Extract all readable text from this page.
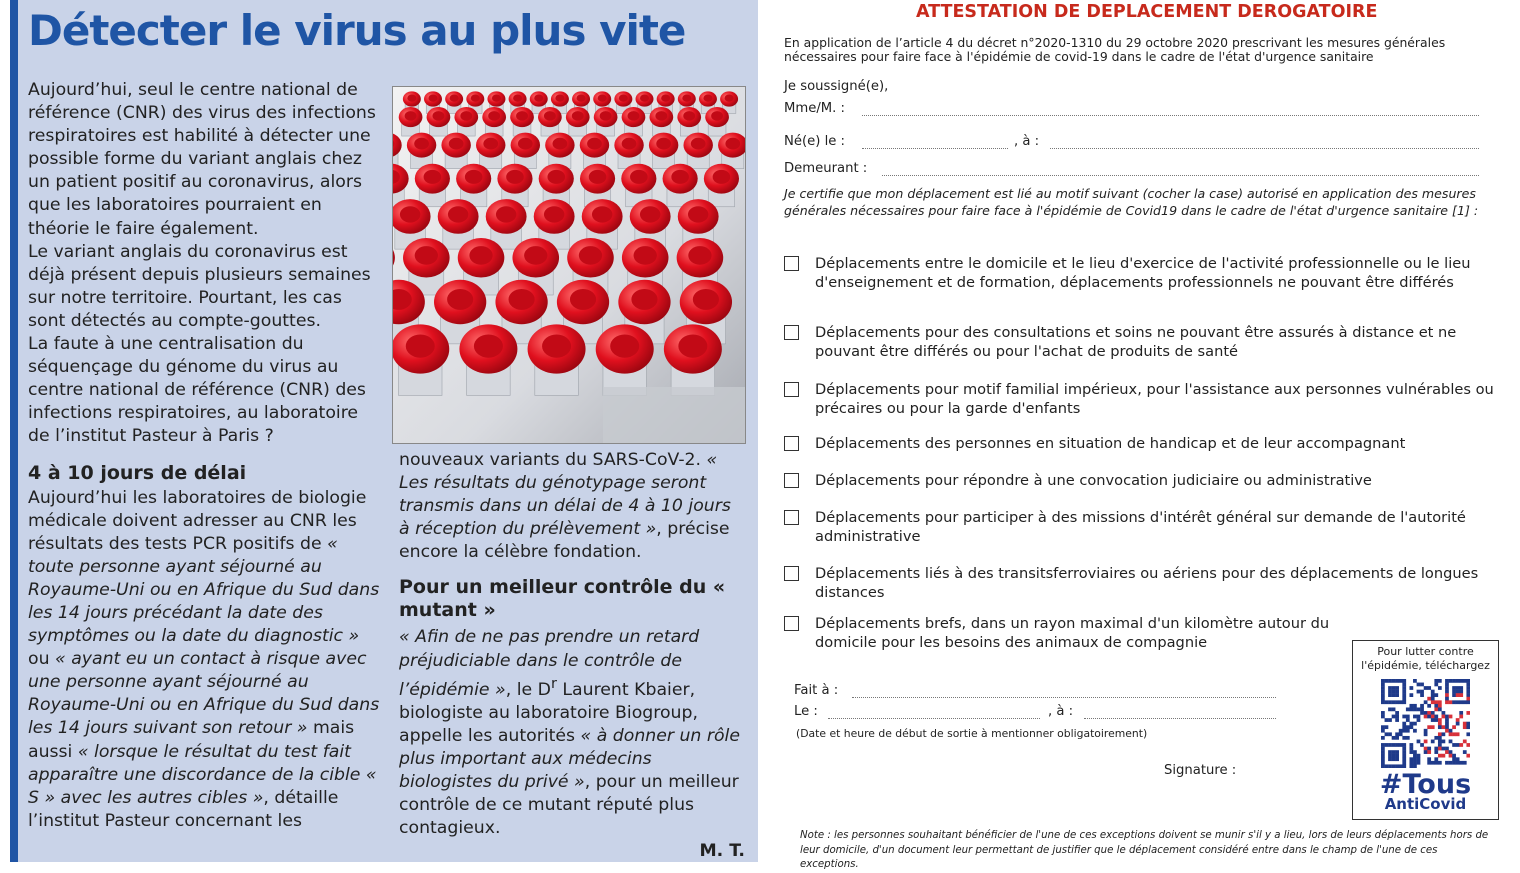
Détecter le virus au plus vite

Aujourd’hui, seul le centre national de référence (CNR) des virus des infections respiratoires est habilité à détecter une possible forme du variant anglais chez un patient positif au coronavirus, alors que les laboratoires pourraient en théorie le faire également.

Le variant anglais du coronavirus est déjà présent depuis plusieurs semaines sur notre territoire. Pourtant, les cas sont détectés au compte-gouttes.

La faute à une centralisation du séquençage du génome du virus au centre national de référence (CNR) des infections respiratoires, au laboratoire de l’institut Pasteur à Paris ?

4 à 10 jours de délai

Aujourd’hui les laboratoires de biologie médicale doivent adresser au CNR les résultats des tests PCR positifs de « toute personne ayant séjourné au Royaume-Uni ou en Afrique du Sud dans les 14 jours précédant la date des symptômes ou la date du diagnostic » ou « ayant eu un contact à risque avec une personne ayant séjourné au Royaume-Uni ou en Afrique du Sud dans les 14 jours suivant son retour » mais aussi « lorsque le résultat du test fait apparaître une discordance de la cible « S » avec les autres cibles », détaille l’institut Pasteur concernant les

nouveaux variants du SARS-CoV-2. « Les résultats du génotypage seront transmis dans un délai de 4 à 10 jours à réception du prélèvement », précise encore la célèbre fondation.

Pour un meilleur contrôle du « mutant »

« Afin de ne pas prendre un retard préjudiciable dans le contrôle de l’épidémie », le $D^r$ Laurent Kbaier, biologiste au laboratoire Biogroup, appelle les autorités « à donner un rôle plus important aux médecins biologistes du privé », pour un meilleur contrôle de ce mutant réputé plus contagieux.

M. T.

ATTESTATION DE DEPLACEMENT DEROGATOIRE

En application de l’article 4 du décret n°2020-1310 du 29 octobre 2020 prescrivant les mesures générales nécessaires pour faire face à l'épidémie de covid-19 dans le cadre de l'état d'urgence sanitaire

Je soussigné(e),
Mme/M. :
Né(e) le :	, à :
Demeurant :

Je certifie que mon déplacement est lié au motif suivant (cocher la case) autorisé en application des mesures générales nécessaires pour faire face à l'épidémie de Covid19 dans le cadre de l'état d'urgence sanitaire [1] :

Déplacements entre le domicile et le lieu d'exercice de l'activité professionnelle ou le lieu d'enseignement et de formation, déplacements professionnels ne pouvant être différés
Déplacements pour des consultations et soins ne pouvant être assurés à distance et ne pouvant être différés ou pour l'achat de produits de santé
Déplacements pour motif familial impérieux, pour l'assistance aux personnes vulnérables ou précaires ou pour la garde d'enfants
Déplacements des personnes en situation de handicap et de leur accompagnant
Déplacements pour répondre à une convocation judiciaire ou administrative
Déplacements pour participer à des missions d'intérêt général sur demande de l'autorité administrative
Déplacements liés à des transitsferroviaires ou aériens pour des déplacements de longues distances
Déplacements brefs, dans un rayon maximal d'un kilomètre autour du domicile pour les besoins des animaux de compagnie
Fait à :
Le :	, à :
(Date et heure de début de sortie à mentionner obligatoirement)
Signature :
Pour lutter contre l'épidémie, téléchargez
#Tous
AntiCovid

Note : les personnes souhaitant bénéficier de l'une de ces exceptions doivent se munir s'il y a lieu, lors de leurs déplacements hors de leur domicile, d'un document leur permettant de justifier que le déplacement considéré entre dans le champ de l'une de ces exceptions.
